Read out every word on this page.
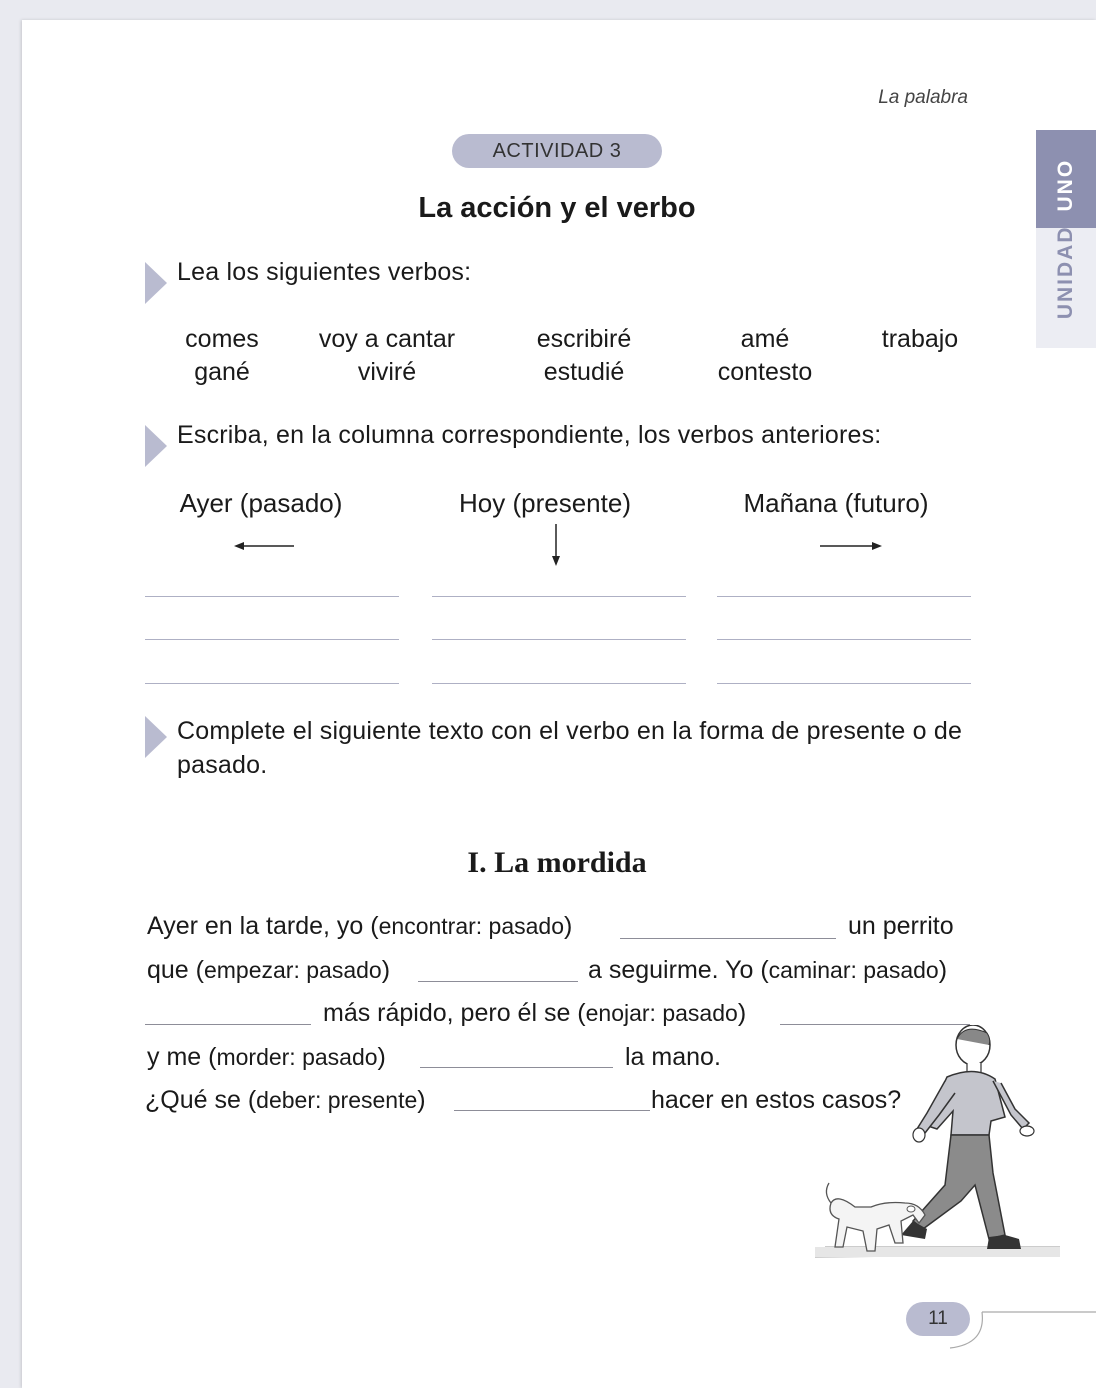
La palabra
UNIDADUNO
ACTIVIDAD 3
La acción y el verbo
Lea los siguientes verbos:
comes	voy a cantar	escribiré	amé	trabajo
gané	viviré	estudié	contesto
Escriba, en la columna correspondiente, los verbos anteriores:
Ayer (pasado)	Hoy (presente)	Mañana (futuro)
Complete el siguiente texto con el verbo en la forma de presente o de pasado.
I. La mordida
Ayer en la tarde, yo (encontrar: pasado)	un perrito
que (empezar: pasado)	a seguirme. Yo (caminar: pasado)
más rápido, pero él se (enojar: pasado)
y me (morder: pasado)	la mano.
¿Qué se (deber: presente)	hacer en estos casos?
11
